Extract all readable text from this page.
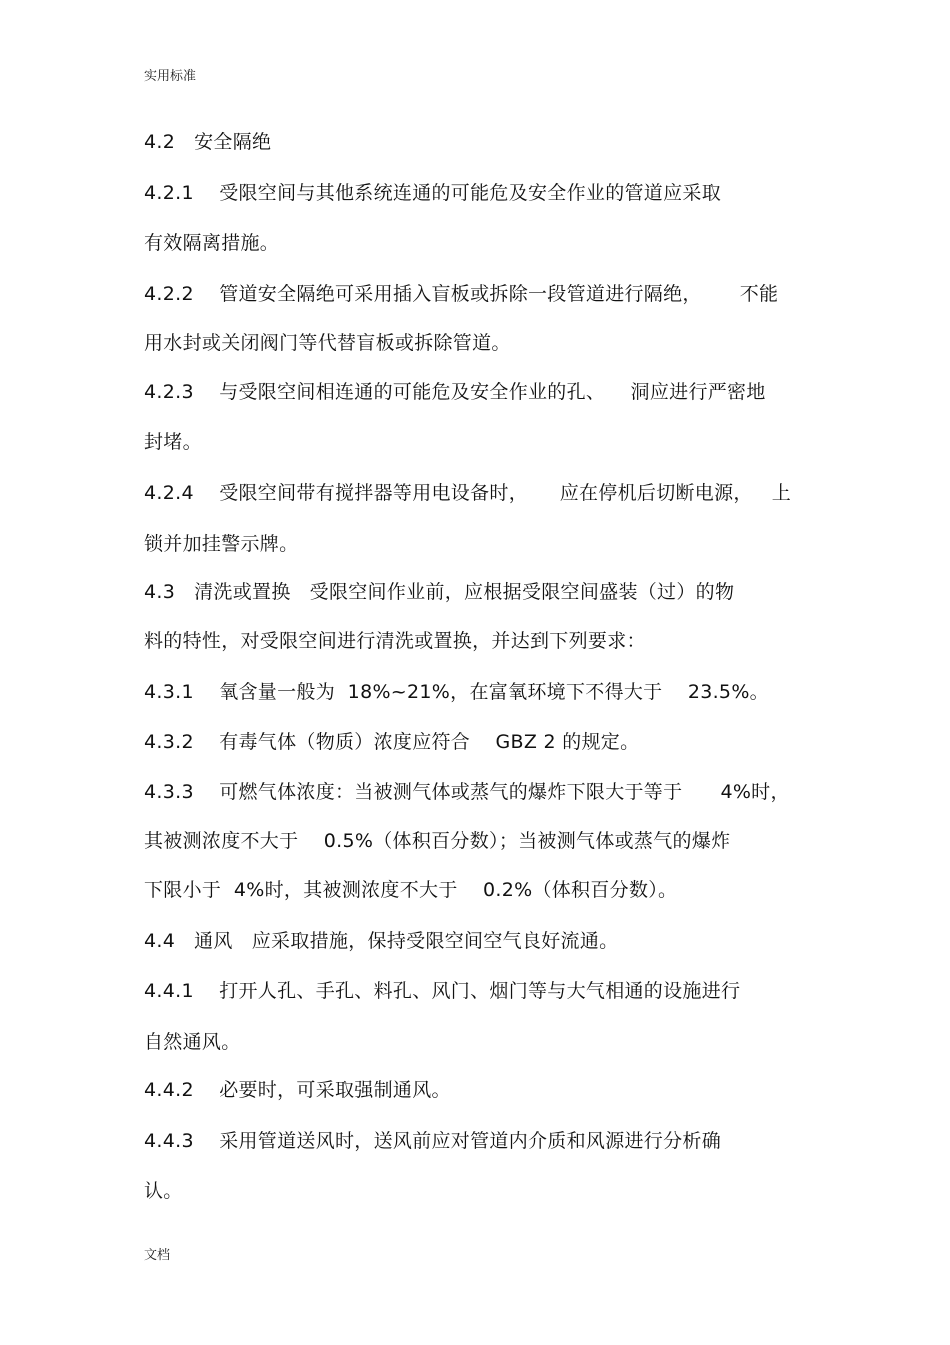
实用标准
4.2   安全隔绝
4.2.1    受限空间与其他系统连通的可能危及安全作业的管道应采取
有效隔离措施。
4.2.2    管道安全隔绝可采用插入盲板或拆除一段管道进行隔绝，      不能
用水封或关闭阀门等代替盲板或拆除管道。
4.2.3    与受限空间相连通的可能危及安全作业的孔、    洞应进行严密地
封堵。
4.2.4    受限空间带有搅拌器等用电设备时，     应在停机后切断电源，   上
锁并加挂警示牌。
4.3   清洗或置换   受限空间作业前，应根据受限空间盛装（过）的物
料的特性，对受限空间进行清洗或置换，并达到下列要求：
4.3.1    氧含量一般为  18%~21%，在富氧环境下不得大于    23.5%。
4.3.2    有毒气体（物质）浓度应符合    GBZ 2 的规定。
4.3.3    可燃气体浓度：当被测气体或蒸气的爆炸下限大于等于      4%时，
其被测浓度不大于    0.5%（体积百分数）；当被测气体或蒸气的爆炸
下限小于  4%时，其被测浓度不大于    0.2%（体积百分数）。
4.4   通风   应采取措施，保持受限空间空气良好流通。
4.4.1    打开人孔、手孔、料孔、风门、烟门等与大气相通的设施进行
自然通风。
4.4.2    必要时，可采取强制通风。
4.4.3    采用管道送风时，送风前应对管道内介质和风源进行分析确
认。
文档
